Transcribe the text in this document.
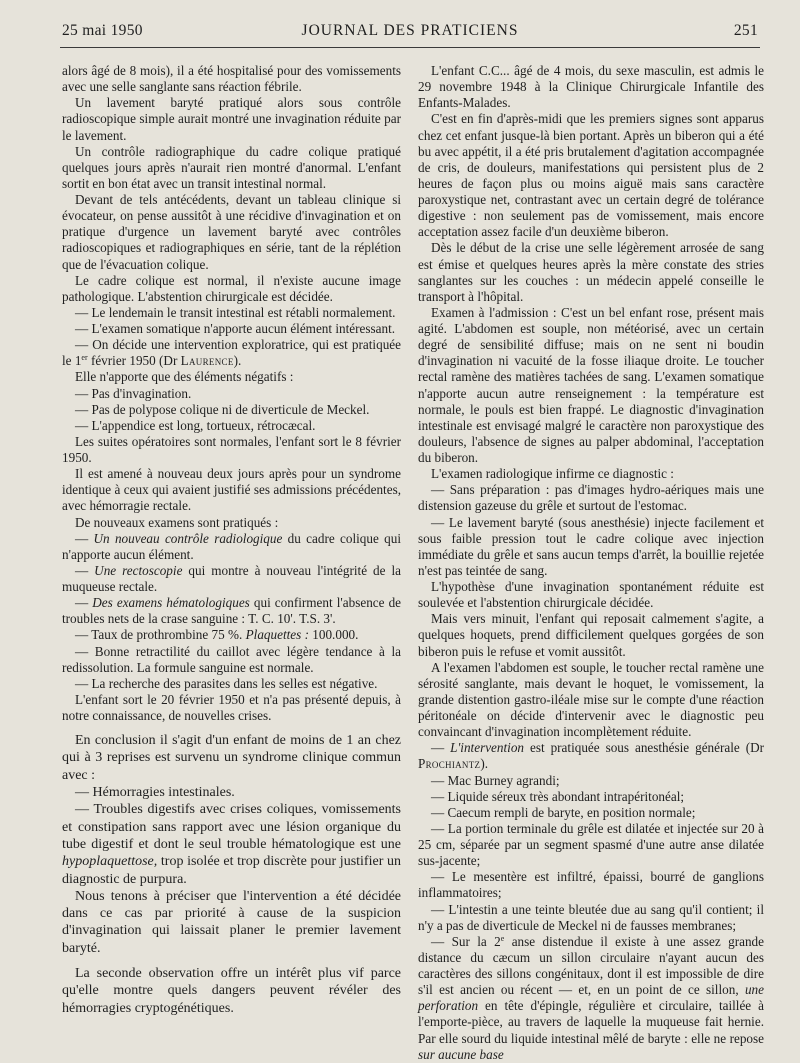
25 mai 1950	JOURNAL DES PRATICIENS	251

alors âgé de 8 mois), il a été hospitalisé pour des vomissements avec une selle sanglante sans réaction fébrile.

Un lavement baryté pratiqué alors sous contrôle radioscopique simple aurait montré une invagination réduite par le lavement.

Un contrôle radiographique du cadre colique pratiqué quelques jours après n'aurait rien montré d'anormal. L'enfant sortit en bon état avec un transit intestinal normal.

Devant de tels antécédents, devant un tableau clinique si évocateur, on pense aussitôt à une récidive d'invagination et on pratique d'urgence un lavement baryté avec contrôles radioscopiques et radiographiques en série, tant de la réplétion que de l'évacuation colique.

Le cadre colique est normal, il n'existe aucune image pathologique. L'abstention chirurgicale est décidée.

— Le lendemain le transit intestinal est rétabli normalement.

— L'examen somatique n'apporte aucun élément intéressant.

— On décide une intervention exploratrice, qui est pratiquée le 1er février 1950 (Dr Laurence).

Elle n'apporte que des éléments négatifs :

— Pas d'invagination.

— Pas de polypose colique ni de diverticule de Meckel.

— L'appendice est long, tortueux, rétrocæcal.

Les suites opératoires sont normales, l'enfant sort le 8 février 1950.

Il est amené à nouveau deux jours après pour un syndrome identique à ceux qui avaient justifié ses admissions précédentes, avec hémorragie rectale.

De nouveaux examens sont pratiqués :

— Un nouveau contrôle radiologique du cadre colique qui n'apporte aucun élément.

— Une rectoscopie qui montre à nouveau l'intégrité de la muqueuse rectale.

— Des examens hématologiques qui confirment l'absence de troubles nets de la crase sanguine : T. C. 10'. T.S. 3'.

— Taux de prothrombine 75 %. Plaquettes : 100.000.

— Bonne retractilité du caillot avec légère tendance à la redissolution. La formule sanguine est normale.

— La recherche des parasites dans les selles est négative.

L'enfant sort le 20 février 1950 et n'a pas présenté depuis, à notre connaissance, de nouvelles crises.

En conclusion il s'agit d'un enfant de moins de 1 an chez qui à 3 reprises est survenu un syndrome clinique commun avec :

— Hémorragies intestinales.

— Troubles digestifs avec crises coliques, vomissements et constipation sans rapport avec une lésion organique du tube digestif et dont le seul trouble hématologique est une hypoplaquettose, trop isolée et trop discrète pour justifier un diagnostic de purpura.

Nous tenons à préciser que l'intervention a été décidée dans ce cas par priorité à cause de la suspicion d'invagination qui laissait planer le premier lavement baryté.

La seconde observation offre un intérêt plus vif parce qu'elle montre quels dangers peuvent révéler des hémorragies cryptogénétiques.

L'enfant C.C... âgé de 4 mois, du sexe masculin, est admis le 29 novembre 1948 à la Clinique Chirurgicale Infantile des Enfants-Malades.

C'est en fin d'après-midi que les premiers signes sont apparus chez cet enfant jusque-là bien portant. Après un biberon qui a été bu avec appétit, il a été pris brutalement d'agitation accompagnée de cris, de douleurs, manifestations qui persistent plus de 2 heures de façon plus ou moins aiguë mais sans caractère paroxystique net, contrastant avec un certain degré de tolérance digestive : non seulement pas de vomissement, mais encore acceptation assez facile d'un deuxième biberon.

Dès le début de la crise une selle légèrement arrosée de sang est émise et quelques heures après la mère constate des stries sanglantes sur les couches : un médecin appelé conseille le transport à l'hôpital.

Examen à l'admission : C'est un bel enfant rose, présent mais agité. L'abdomen est souple, non météorisé, avec un certain degré de sensibilité diffuse; mais on ne sent ni boudin d'invagination ni vacuité de la fosse iliaque droite. Le toucher rectal ramène des matières tachées de sang. L'examen somatique n'apporte aucun autre renseignement : la température est normale, le pouls est bien frappé. Le diagnostic d'invagination intestinale est envisagé malgré le caractère non paroxystique des douleurs, l'absence de signes au palper abdominal, l'acceptation du biberon.

L'examen radiologique infirme ce diagnostic :

— Sans préparation : pas d'images hydro-aériques mais une distension gazeuse du grêle et surtout de l'estomac.

— Le lavement baryté (sous anesthésie) injecte facilement et sous faible pression tout le cadre colique avec injection immédiate du grêle et sans aucun temps d'arrêt, la bouillie rejetée n'est pas teintée de sang.

L'hypothèse d'une invagination spontanément réduite est soulevée et l'abstention chirurgicale décidée.

Mais vers minuit, l'enfant qui reposait calmement s'agite, a quelques hoquets, prend difficilement quelques gorgées de son biberon puis le refuse et vomit aussitôt.

A l'examen l'abdomen est souple, le toucher rectal ramène une sérosité sanglante, mais devant le hoquet, le vomissement, la grande distention gastro-iléale mise sur le compte d'une réaction péritonéale on décide d'intervenir avec le diagnostic peu convaincant d'invagination incomplètement réduite.

— L'intervention est pratiquée sous anesthésie générale (Dr Prochiantz).

— Mac Burney agrandi;

— Liquide séreux très abondant intrapéritonéal;

— Caecum rempli de baryte, en position normale;

— La portion terminale du grêle est dilatée et injectée sur 20 à 25 cm, séparée par un segment spasmé d'une autre anse dilatée sus-jacente;

— Le mesentère est infiltré, épaissi, bourré de ganglions inflammatoires;

— L'intestin a une teinte bleutée due au sang qu'il contient; il n'y a pas de diverticule de Meckel ni de fausses membranes;

— Sur la 2e anse distendue il existe à une assez grande distance du cæcum un sillon circulaire n'ayant aucun des caractères des sillons congénitaux, dont il est impossible de dire s'il est ancien ou récent — et, en un point de ce sillon, une perforation en tête d'épingle, régulière et circulaire, taillée à l'emporte-pièce, au travers de laquelle la muqueuse fait hernie. Par elle sourd du liquide intestinal mêlé de baryte : elle ne repose sur aucune base
